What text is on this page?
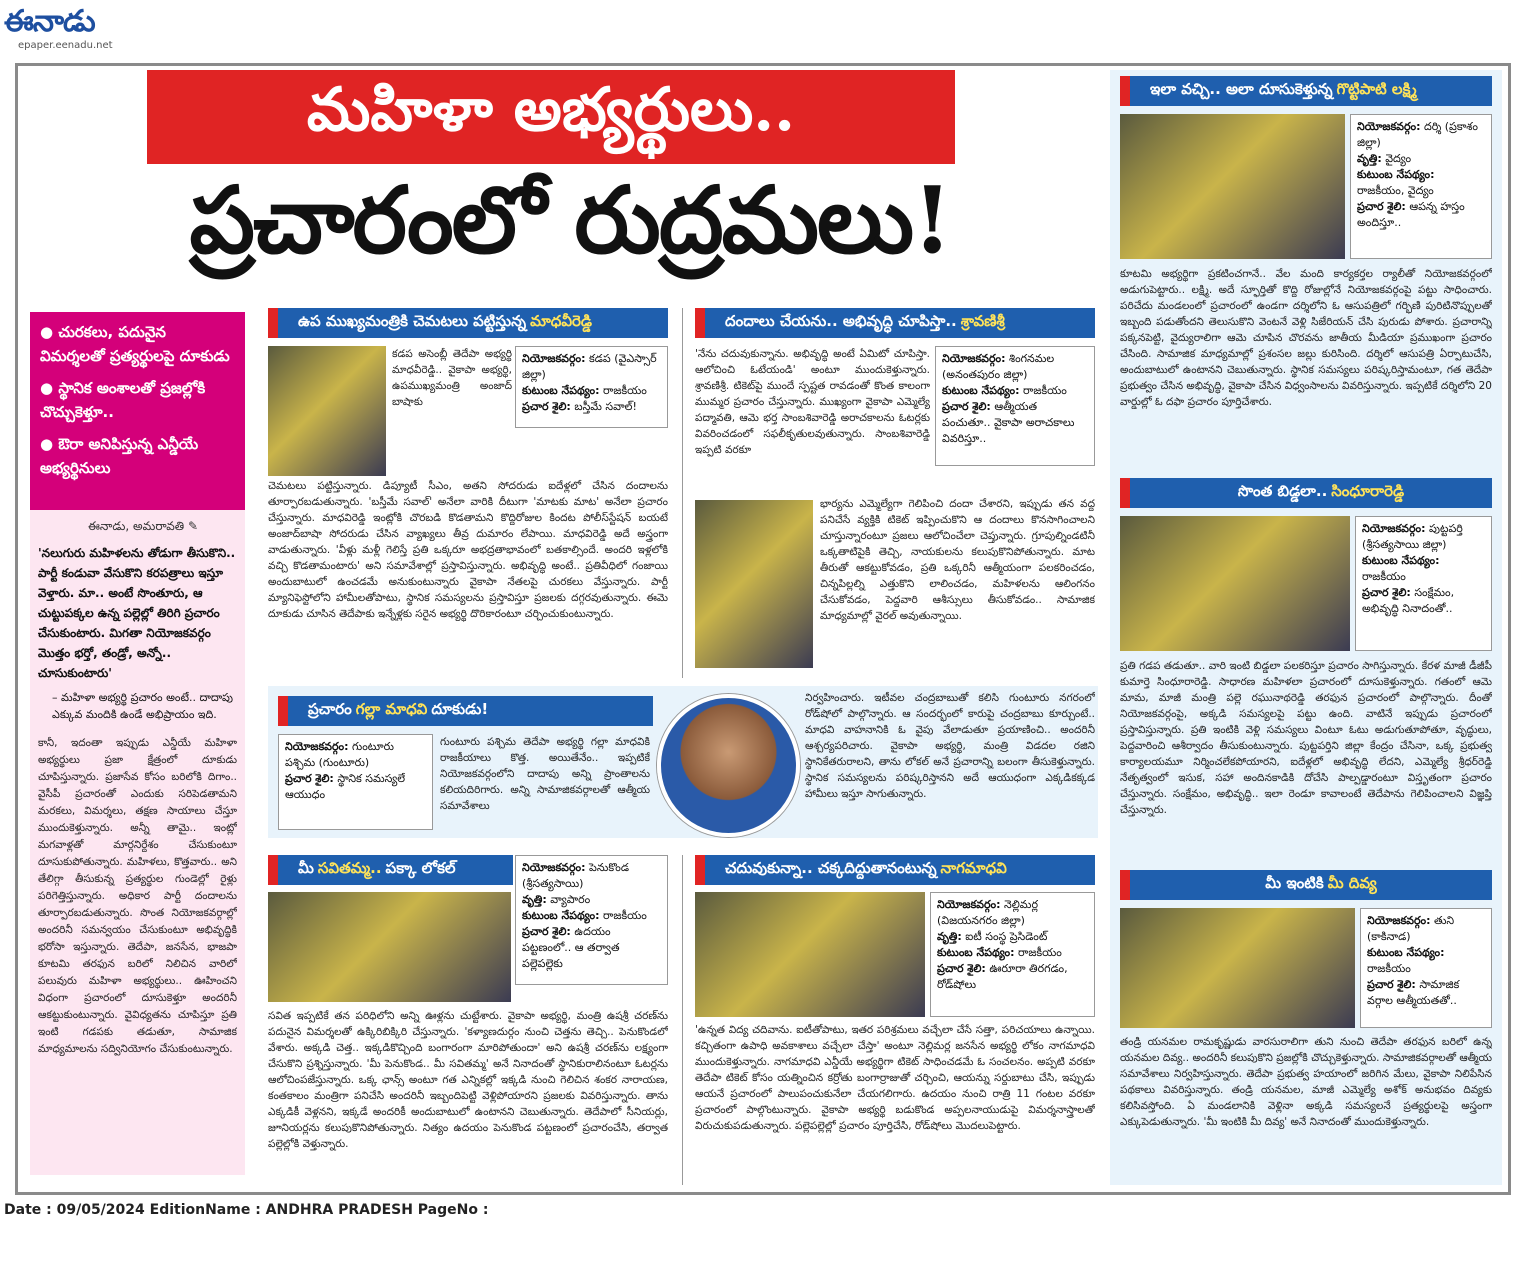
ఈనాడు
epaper.eenadu.net
మహిళా అభ్యర్థులు..
ప్రచారంలో రుద్రమలు!
● చురకలు, పదునైన విమర్శలతో ప్రత్యర్థులపై దూకుడు
● స్థానిక అంశాలతో ప్రజల్లోకి చొచ్చుకెళ్తూ..
● ఔరా అనిపిస్తున్న ఎన్డీయే అభ్యర్థినులు
ఈనాడు, అమరావతి ✎
'నలుగురు మహిళలను తోడుగా తీసుకొని.. పార్టీ కండువా వేసుకొని కరపత్రాలు ఇస్తూ వెళ్తారు. మా.. అంటే సొంతూరు, ఆ చుట్టుపక్కల ఉన్న పల్లెల్లో తిరిగి ప్రచారం చేసుకుంటారు. మిగతా నియోజకవర్గం మొత్తం భర్తో, తండ్రో, అన్నో.. చూసుకుంటారు'
– మహిళా అభ్యర్థి ప్రచారం అంటే.. దాదాపు ఎక్కువ మందికి ఉండే అభిప్రాయం ఇది.
కానీ, ఇదంతా ఇప్పుడు ఎన్డీయే మహిళా అభ్యర్థులు ప్రజా క్షేత్రంలో దూకుడు చూపిస్తున్నారు. ప్రజాసేవ కోసం బరిలోకి దిగాం.. వైసీపీ ప్రచారంతో ఎందుకు సరిపెడతామని మరకలు, విమర్శలు, తక్షణ సాయాలు చేస్తూ ముందుకెళ్తున్నారు. అన్నీ తామై.. ఇంట్లో మగవాళ్లతో మార్గనిర్దేశం చేసుకుంటూ దూసుకుపోతున్నారు. మహిళలు, కొత్తవారు.. అని తేలిగ్గా తీసుకున్న ప్రత్యర్థుల గుండెల్లో రైళ్లు పరిగెత్తిస్తున్నారు. అధికార పార్టీ దందాలను తూర్పారబడుతున్నారు. సొంత నియోజకవర్గాల్లో అందరినీ సమన్వయం చేసుకుంటూ అభివృద్ధికి భరోసా ఇస్తున్నారు. తెదేపా, జనసేన, భాజపా కూటమి తరఫున బరిలో నిలిచిన వారిలో పలువురు మహిళా అభ్యర్థులు.. ఊహించని విధంగా ప్రచారంలో దూసుకెళ్తూ అందరినీ ఆకట్టుకుంటున్నారు. వైవిధ్యతను చూపిస్తూ ప్రతి ఇంటి గడపకు తడుతూ, సామాజిక మాధ్యమాలను సద్వినియోగం చేసుకుంటున్నారు.
ఉప ముఖ్యమంత్రికి చెమటలు పట్టిస్తున్న మాధవీరెడ్డి
కడప అసెంబ్లీ తెదేపా అభ్యర్థి మాధవీరెడ్డి.. వైకాపా అభ్యర్థి, ఉపముఖ్యమంత్రి అంజాద్ బాషాకు
నియోజకవర్గం: కడప (వైఎస్సార్ జిల్లా)
కుటుంబ నేపథ్యం: రాజకీయం
ప్రచార శైలి: బస్తీమే సవాల్!
చెమటలు పట్టిస్తున్నారు. డిప్యూటీ సీఎం, అతని సోదరుడు ఐదేళ్లలో చేసిన దందాలను తూర్పారబడుతున్నారు. 'బస్తీమే సవాల్' అనేలా వారికి దీటుగా 'మాటకు మాట' అనేలా ప్రచారం చేస్తున్నారు. మాధవిరెడ్డి ఇంట్లోకి చొరబడి కొడతామని కొద్దిరోజుల కిందట పోలీస్‌స్టేషన్ బయటే అంజాద్‌బాషా సోదరుడు చేసిన వ్యాఖ్యలు తీవ్ర దుమారం లేపాయి. మాధవిరెడ్డి అదే అస్త్రంగా వాడుతున్నారు. 'వీళ్లు మళ్లీ గెలిస్తే ప్రతి ఒక్కరూ అభద్రతాభావంలో బతకాల్సిందే. అందరి ఇళ్లలోకి వచ్చి కొడతామంటారు' అని సమావేశాల్లో ప్రస్తావిస్తున్నారు. అభివృద్ధి అంటే.. ప్రతివీధిలో గంజాయి అందుబాటులో ఉంచడమే అనుకుంటున్నారు వైకాపా నేతలపై చురకలు వేస్తున్నారు. పార్టీ మ్యానిఫెస్టోలోని హామీలతోపాటు, స్థానిక సమస్యలను ప్రస్తావిస్తూ ప్రజలకు దగ్గరవుతున్నారు. ఈమె దూకుడు చూసిన తెదేపాకు ఇన్నేళ్లకు సరైన అభ్యర్థి దొరికారంటూ చర్చించుకుంటున్నారు.
దందాలు చేయను.. అభివృద్ధి చూపిస్తా.. శ్రావణిశ్రీ
'నేను చదువుకున్నాను. అభివృద్ధి అంటే ఏమిటో చూపిస్తా. ఆలోచించి ఓటేయండి' అంటూ ముందుకెళ్తున్నారు. శ్రావణిశ్రీ. టికెట్‌పై ముందే స్పష్టత రావడంతో కొంత కాలంగా ముమ్మర ప్రచారం చేస్తున్నారు. ముఖ్యంగా వైకాపా ఎమ్మెల్యే పద్మావతి, ఆమె భర్త సాంబశివారెడ్డి అరాచకాలను ఓటర్లకు వివరించడంలో సఫలీకృతులవుతున్నారు. సాంబశివారెడ్డి ఇప్పటి వరకూ
నియోజకవర్గం: శింగనమల (అనంతపురం జిల్లా)
కుటుంబ నేపథ్యం: రాజకీయం
ప్రచార శైలి: ఆత్మీయత పంచుతూ.. వైకాపా అరాచకాలు వివరిస్తూ..
భార్యను ఎమ్మెల్యేగా గెలిపించి దందా చేశారని, ఇప్పుడు తన వద్ద పనిచేసే వ్యక్తికి టికెట్ ఇప్పించుకొని ఆ దందాలు కొనసాగించాలని చూస్తున్నారంటూ ప్రజలు ఆలోచించేలా చెప్తున్నారు. గ్రూపుల్నిండటినీ ఒక్కతాటిపైకి తెచ్చి, నాయకులను కలుపుకొనిపోతున్నారు. మాట తీరుతో ఆకట్టుకోవడం, ప్రతి ఒక్కరినీ ఆత్మీయంగా పలకరించడం, చిన్నపిల్లల్ని ఎత్తుకొని లాలించడం, మహిళలను ఆలింగనం చేసుకోవడం, పెద్దవారి ఆశీస్సులు తీసుకోవడం.. సామాజిక మాధ్యమాల్లో వైరల్ అవుతున్నాయి.
ప్రచారం గల్లా మాధవి దూకుడు!
నియోజకవర్గం: గుంటూరు పశ్చిమ (గుంటూరు)
ప్రచార శైలి: స్థానిక సమస్యలే ఆయుధం
గుంటూరు పశ్చిమ తెదేపా అభ్యర్థి గల్లా మాధవికి రాజకీయాలు కొత్త. అయితేనేం.. ఇప్పటికే నియోజకవర్గంలోని దాదాపు అన్ని ప్రాంతాలను కలియదిరిగారు. అన్ని సామాజికవర్గాలతో ఆత్మీయ సమావేశాలు
నిర్వహించారు. ఇటీవల చంద్రబాబుతో కలిసి గుంటూరు నగరంలో రోడ్‌షోలో పాల్గొన్నారు. ఆ సందర్భంలో కారుపై చంద్రబాబు కూర్చుంటే.. మాధవి వాహనానికి ఓ వైపు వేలాడుతూ ప్రయాణించి.. అందరినీ ఆశ్చర్యపరిచారు. వైకాపా అభ్యర్థి, మంత్రి విడదల రజిని స్థానికేతరురాలని, తాను లోకల్ అనే ప్రచారాన్ని బలంగా తీసుకెళ్తున్నారు. స్థానిక సమస్యలను పరిష్కరిస్తానని అదే ఆయుధంగా ఎక్కడికక్కడ హామీలు ఇస్తూ సాగుతున్నారు.
మీ సవితమ్మ.. పక్కా లోకల్	నియోజకవర్గం: పెనుకొండ (శ్రీసత్యసాయి)
వృత్తి: వ్యాపారం
కుటుంబ నేపథ్యం: రాజకీయం
ప్రచార శైలి: ఉదయం పట్టణంలో.. ఆ తర్వాత పల్లెపల్లెకు
సవిత ఇప్పటికే తన పరిధిలోని అన్ని ఊళ్లను చుట్టేశారు. వైకాపా అభ్యర్థి, మంత్రి ఉషశ్రీ చరణ్‌ను పదునైన విమర్శలతో ఉక్కిరిబిక్కిరి చేస్తున్నారు. 'కళ్యాణదుర్గం నుంచి చెత్తను తెచ్చి.. పెనుకొండలో వేశారు. అక్కడి చెత్త.. ఇక్కడికొచ్చింది బంగారంగా మారిపోతుందా' అని ఉషశ్రీ చరణ్‌ను లక్ష్యంగా చేసుకొని ప్రశ్నిస్తున్నారు. 'మీ పెనుకొండ.. మీ సవితమ్మ' అనే నినాదంతో స్థానికురాలినంటూ ఓటర్లను ఆలోచింపజేస్తున్నారు. ఒక్క ఛాన్స్ అంటూ గత ఎన్నికల్లో ఇక్కడి నుంచి గెలిచిన శంకర నారాయణ, కంతకాలం మంత్రిగా పనిచేసి అందరినీ ఇబ్బందిపెట్టి వెళ్లిపోయారని ప్రజలకు వివరిస్తున్నారు. తాను ఎక్కడికీ వెళ్లనని, ఇక్కడే అందరికీ అందుబాటులో ఉంటానని చెబుతున్నారు. తెదేపాలో సీనియర్లు, జూనియర్లను కలుపుకొనిపోతున్నారు. నిత్యం ఉదయం పెనుకొండ పట్టణంలో ప్రచారంచేసి, తర్వాత పల్లెల్లోకి వెళ్తున్నారు.
చదువుకున్నా.. చక్కదిద్దుతానంటున్న నాగమాధవి
నియోజకవర్గం: నెల్లిమర్ల (విజయనగరం జిల్లా)
వృత్తి: ఐటీ సంస్థ ప్రెసిడెంట్
కుటుంబ నేపథ్యం: రాజకీయం
ప్రచార శైలి: ఊరూరా తిరగడం, రోడ్‌షోలు
'ఉన్నత విద్య చదివాను. ఐటీతోపాటు, ఇతర పరిశ్రమలు వచ్చేలా చేసే సత్తా, పరిచయాలు ఉన్నాయి. కచ్చితంగా ఉపాధి అవకాశాలు వచ్చేలా చేస్తా' అంటూ నెల్లిమర్ల జనసేన అభ్యర్థి లోకం నాగమాధవి ముందుకెళ్తున్నారు. నాగమాధవి ఎన్డీయే అభ్యర్థిగా టికెట్ సాధించడమే ఓ సంచలనం. అప్పటి వరకూ తెదేపా టికెట్ కోసం యత్నించిన కర్రోతు బంగార్రాజుతో చర్చించి, ఆయన్ను సర్దుబాటు చేసి, ఇప్పుడు ఆయనే ప్రచారంలో పాలుపంచుకునేలా చేయగలిగారు. ఉదయం నుంచి రాత్రి 11 గంటల వరకూ ప్రచారంలో పాల్గొంటున్నారు. వైకాపా అభ్యర్థి బడుకొండ అప్పలనాయుడుపై విమర్శనాస్త్రాలతో విరుచుకుపడుతున్నారు. పల్లెపల్లెల్లో ప్రచారం పూర్తిచేసి, రోడ్‌షోలు మొదలుపెట్టారు.
ఇలా వచ్చి.. అలా దూసుకెళ్తున్న గొట్టిపాటి లక్ష్మి
నియోజకవర్గం: దర్శి (ప్రకాశం జిల్లా)
వృత్తి: వైద్యం
కుటుంబ నేపథ్యం: రాజకీయం, వైద్యం
ప్రచార శైలి: ఆపన్న హస్తం అందిస్తూ..
కూటమి అభ్యర్థిగా ప్రకటించగానే.. వేల మంది కార్యకర్తల ర్యాలీతో నియోజకవర్గంలో అడుగుపెట్టారు.. లక్ష్మి. అదే స్ఫూర్తితో కొద్ది రోజుల్లోనే నియోజకవర్గంపై పట్టు సాధించారు. పరిచేదు మండలంలో ప్రచారంలో ఉండగా దర్శిలోని ఓ ఆసుపత్రిలో గర్భిణి పురిటినొప్పులతో ఇబ్బంది పడుతోందని తెలుసుకొని వెంటనే వెళ్లి సిజేరియన్ చేసి పురుడు పోశారు. ప్రచారాన్ని పక్కనపెట్టి, వైద్యురాలిగా ఆమె చూపిన చొరవను జాతీయ మీడియా ప్రముఖంగా ప్రచారం చేసింది. సామాజిక మాధ్యమాల్లో ప్రశంసల జల్లు కురిసింది. దర్శిలో ఆసుపత్రి ఏర్పాటుచేసి, అందుబాటులో ఉంటానని చెబుతున్నారు. స్థానిక సమస్యలు పరిష్కరిస్తామంటూ, గత తెదేపా ప్రభుత్వం చేసిన అభివృద్ధి, వైకాపా చేసిన విధ్వంసాలను వివరిస్తున్నారు. ఇప్పటికే దర్శిలోని 20 వార్డుల్లో ఓ దఫా ప్రచారం పూర్తిచేశారు.
సొంత బిడ్డలా.. సింధూరారెడ్డి
నియోజకవర్గం: పుట్టపర్తి (శ్రీసత్యసాయి జిల్లా)
కుటుంబ నేపథ్యం: రాజకీయం
ప్రచార శైలి: సంక్షేమం, అభివృద్ధి నినాదంతో..
ప్రతి గడప తడుతూ.. వారి ఇంటి బిడ్డలా పలకరిస్తూ ప్రచారం సాగిస్తున్నారు. కేరళ మాజీ డీజీపీ కుమార్తె సింధూరారెడ్డి. సాధారణ మహిళలా ప్రచారంలో దూసుకెళ్తున్నారు. గతంలో ఆమె మామ, మాజీ మంత్రి పల్లె రఘునాథరెడ్డి తరఫున ప్రచారంలో పాల్గొన్నారు. దీంతో నియోజకవర్గంపై, అక్కడి సమస్యలపై పట్టు ఉంది. వాటినే ఇప్పుడు ప్రచారంలో ప్రస్తావిస్తున్నారు. ప్రతి ఇంటికి వెళ్లి సమస్యలు వింటూ ఓటు అడుగుతూపోతూ, వృద్ధులు, పెద్దవారించి ఆశీర్వాదం తీసుకుంటున్నారు. పుట్టపర్తిని జిల్లా కేంద్రం చేసినా, ఒక్క ప్రభుత్వ కార్యాలయమూ నిర్మించలేకపోయారని, ఐదేళ్లలో అభివృద్ధి లేదని, ఎమ్మెల్యే శ్రీధర్‌రెడ్డి నేతృత్వంలో ఇసుక, సహా అందినకాడికి దోచేసి పాల్పడ్డారంటూ విస్తృతంగా ప్రచారం చేస్తున్నారు. సంక్షేమం, అభివృద్ధి.. ఇలా రెండూ కావాలంటే తెదేపాను గెలిపించాలని విజ్ఞప్తి చేస్తున్నారు.
మీ ఇంటికి మీ దివ్య
నియోజకవర్గం: తుని (కాకినాడ)
కుటుంబ నేపథ్యం: రాజకీయం
ప్రచార శైలి: సామాజిక వర్గాల ఆత్మీయతతో..
తండ్రి యనమల రామకృష్ణుడు వారసురాలిగా తుని నుంచి తెదేపా తరఫున బరిలో ఉన్న యనమల దివ్య.. అందరినీ కలుపుకొని ప్రజల్లోకి చొచ్చుకెళ్తున్నారు. సామాజికవర్గాలతో ఆత్మీయ సమావేశాలు నిర్వహిస్తున్నారు. తెదేపా ప్రభుత్వ హయాంలో జరిగిన మేలు, వైకాపా నిలిపేసిన పథకాలు వివరిస్తున్నారు. తండ్రి యనమల, మాజీ ఎమ్మెల్యే అశోక్ అనుభవం దివ్యకు కలిసివస్తోంది. ఏ మండలానికి వెళ్లినా అక్కడి సమస్యలనే ప్రత్యర్థులపై అస్త్రంగా ఎక్కుపెడుతున్నారు. 'మీ ఇంటికి మీ దివ్య' అనే నినాదంతో ముందుకెళ్తున్నారు.
Date : 09/05/2024 EditionName : ANDHRA PRADESH PageNo :
